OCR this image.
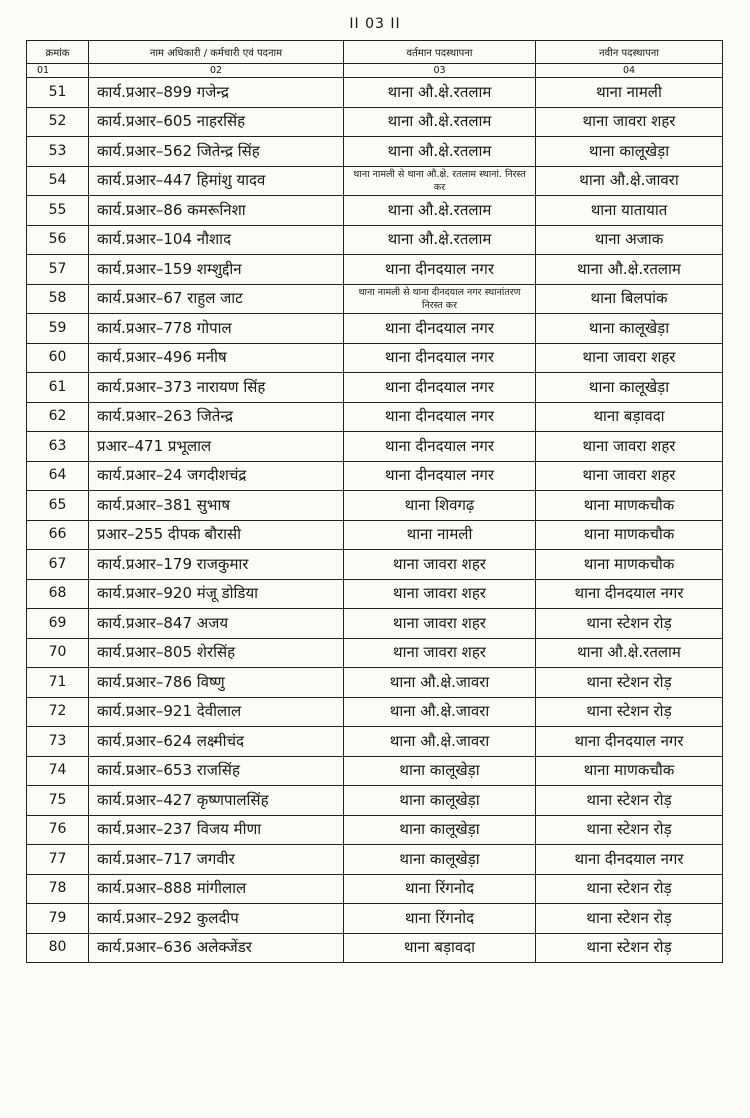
II 03 II
क्रमांक	नाम अधिकारी / कर्मचारी एवं पदनाम	वर्तमान पदस्थापना	नवीन पदस्थापना
01	02	03	04
51	कार्य.प्रआर–899 गजेन्द्र	थाना औ.क्षे.रतलाम	थाना नामली
52	कार्य.प्रआर–605 नाहरसिंह	थाना औ.क्षे.रतलाम	थाना जावरा शहर
53	कार्य.प्रआर–562 जितेन्द्र सिंह	थाना औ.क्षे.रतलाम	थाना कालूखेड़ा
54	कार्य.प्रआर–447 हिमांशु यादव	थाना नामली से थाना औ.क्षे. रतलाम स्थानां. निरस्त कर	थाना औ.क्षे.जावरा
55	कार्य.प्रआर–86 कमरूनिशा	थाना औ.क्षे.रतलाम	थाना यातायात
56	कार्य.प्रआर–104 नौशाद	थाना औ.क्षे.रतलाम	थाना अजाक
57	कार्य.प्रआर–159 शम्शुद्दीन	थाना दीनदयाल नगर	थाना औ.क्षे.रतलाम
58	कार्य.प्रआर–67 राहुल जाट	थाना नामली से थाना दीनदयाल नगर स्थानांतरण निरस्त कर	थाना बिलपांक
59	कार्य.प्रआर–778 गोपाल	थाना दीनदयाल नगर	थाना कालूखेड़ा
60	कार्य.प्रआर–496 मनीष	थाना दीनदयाल नगर	थाना जावरा शहर
61	कार्य.प्रआर–373 नारायण सिंह	थाना दीनदयाल नगर	थाना कालूखेड़ा
62	कार्य.प्रआर–263 जितेन्द्र	थाना दीनदयाल नगर	थाना बड़ावदा
63	प्रआर–471 प्रभूलाल	थाना दीनदयाल नगर	थाना जावरा शहर
64	कार्य.प्रआर–24 जगदीशचंद्र	थाना दीनदयाल नगर	थाना जावरा शहर
65	कार्य.प्रआर–381 सुभाष	थाना शिवगढ़	थाना माणकचौक
66	प्रआर–255 दीपक बौरासी	थाना नामली	थाना माणकचौक
67	कार्य.प्रआर–179 राजकुमार	थाना जावरा शहर	थाना माणकचौक
68	कार्य.प्रआर–920 मंजू डोडिया	थाना जावरा शहर	थाना दीनदयाल नगर
69	कार्य.प्रआर–847 अजय	थाना जावरा शहर	थाना स्टेशन रोड़
70	कार्य.प्रआर–805 शेरसिंह	थाना जावरा शहर	थाना औ.क्षे.रतलाम
71	कार्य.प्रआर–786 विष्णु	थाना औ.क्षे.जावरा	थाना स्टेशन रोड़
72	कार्य.प्रआर–921 देवीलाल	थाना औ.क्षे.जावरा	थाना स्टेशन रोड़
73	कार्य.प्रआर–624 लक्ष्मीचंद	थाना औ.क्षे.जावरा	थाना दीनदयाल नगर
74	कार्य.प्रआर–653 राजसिंह	थाना कालूखेड़ा	थाना माणकचौक
75	कार्य.प्रआर–427 कृष्णपालसिंह	थाना कालूखेड़ा	थाना स्टेशन रोड़
76	कार्य.प्रआर–237 विजय मीणा	थाना कालूखेड़ा	थाना स्टेशन रोड़
77	कार्य.प्रआर–717 जगवीर	थाना कालूखेड़ा	थाना दीनदयाल नगर
78	कार्य.प्रआर–888 मांगीलाल	थाना रिंगनोद	थाना स्टेशन रोड़
79	कार्य.प्रआर–292 कुलदीप	थाना रिंगनोद	थाना स्टेशन रोड़
80	कार्य.प्रआर–636 अलेक्जेंडर	थाना बड़ावदा	थाना स्टेशन रोड़
